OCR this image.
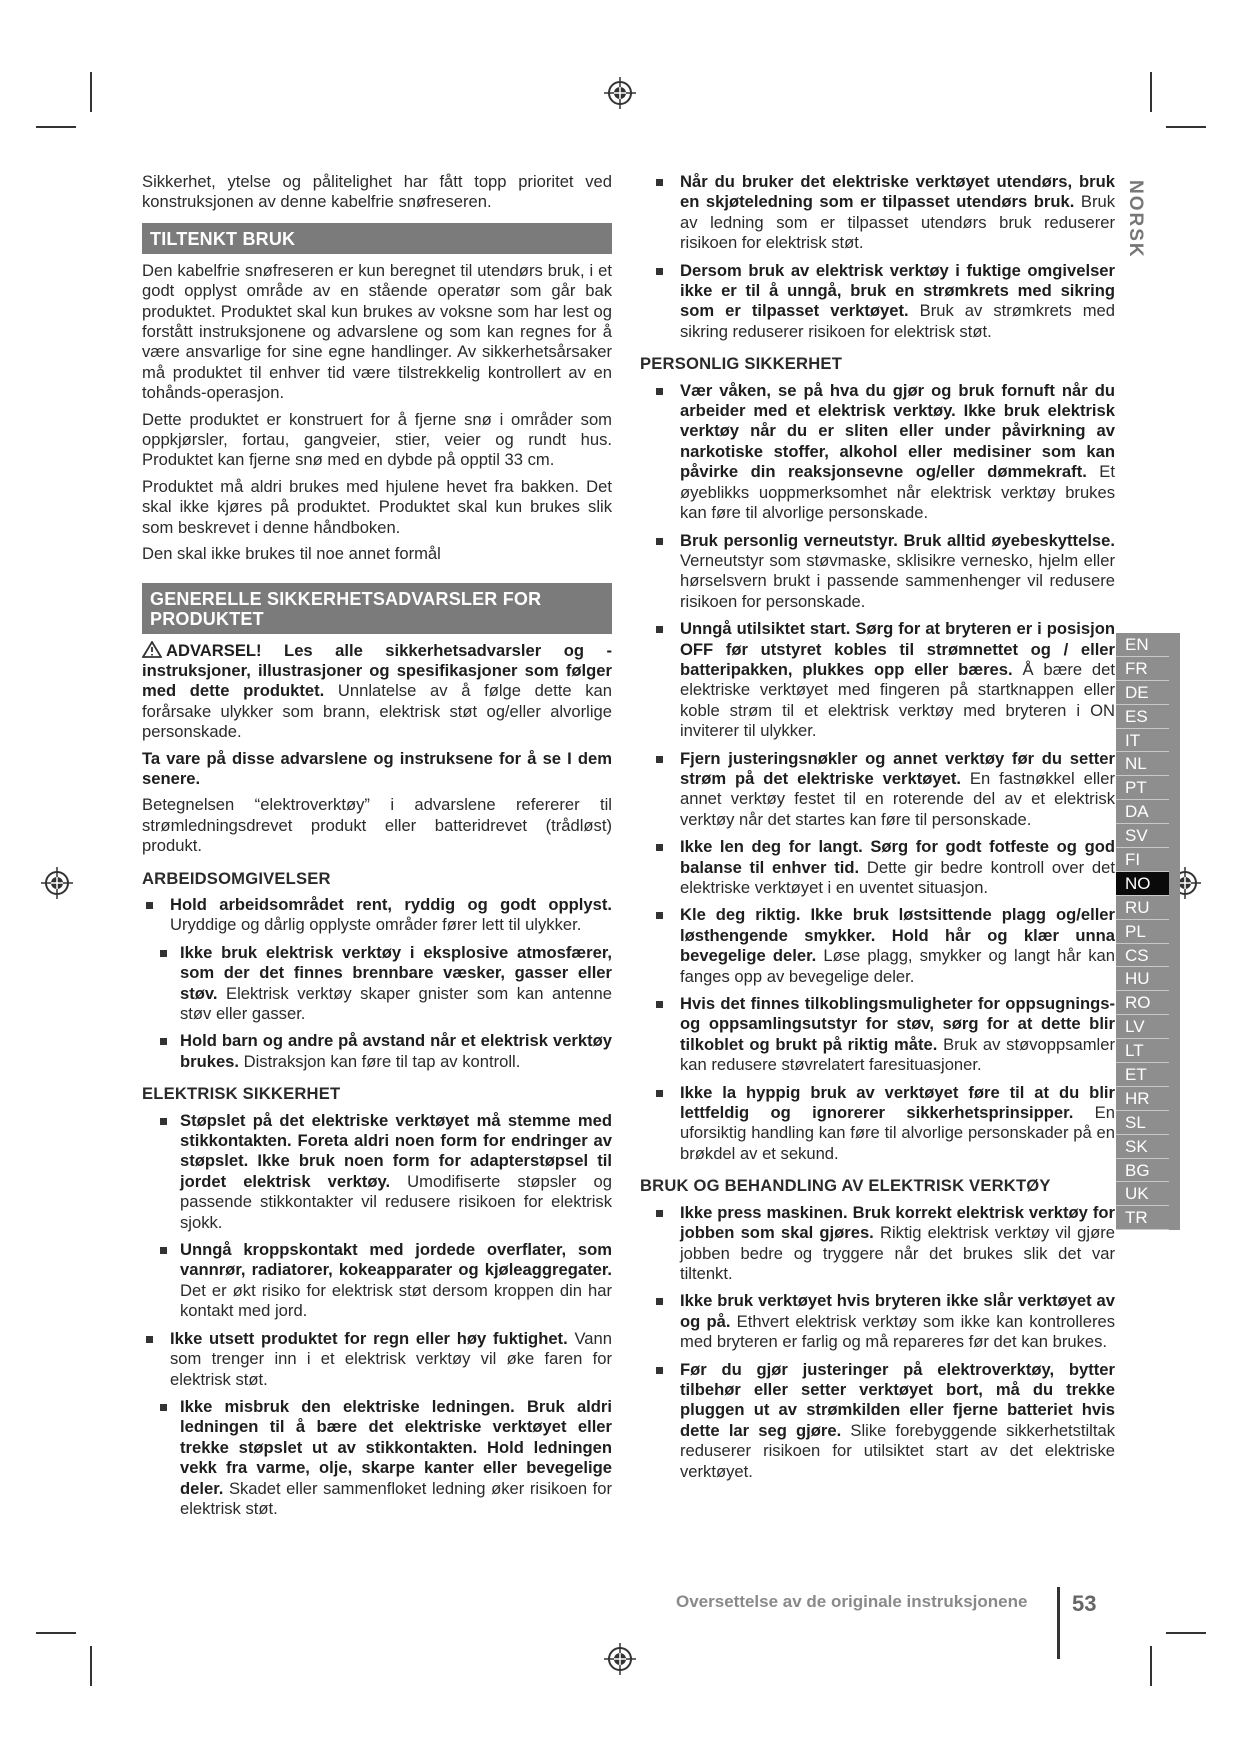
Sikkerhet, ytelse og pålitelighet har fått topp prioritet ved konstruksjonen av denne kabelfrie snøfreseren.

TILTENKT BRUK

Den kabelfrie snøfreseren er kun beregnet til utendørs bruk, i et godt opplyst område av en stående operatør som går bak produktet. Produktet skal kun brukes av voksne som har lest og forstått instruksjonene og advarslene og som kan regnes for å være ansvarlige for sine egne handlinger. Av sikkerhetsårsaker må produktet til enhver tid være tilstrekkelig kontrollert av en tohånds-operasjon.

Dette produktet er konstruert for å fjerne snø i områder som oppkjørsler, fortau, gangveier, stier, veier og rundt hus. Produktet kan fjerne snø med en dybde på opptil 33 cm.

Produktet må aldri brukes med hjulene hevet fra bakken. Det skal ikke kjøres på produktet. Produktet skal kun brukes slik som beskrevet i denne håndboken.

Den skal ikke brukes til noe annet formål

GENERELLE SIKKERHETSADVARSLER FOR PRODUKTET

ADVARSEL! Les alle sikkerhetsadvarsler og -instruksjoner, illustrasjoner og spesifikasjoner som følger med dette produktet. Unnlatelse av å følge dette kan forårsake ulykker som brann, elektrisk støt og/eller alvorlige personskade.

Ta vare på disse advarslene og instruksene for å se I dem senere.

Betegnelsen “elektroverktøy” i advarslene refererer til strømledningsdrevet produkt eller batteridrevet (trådløst) produkt.

ARBEIDSOMGIVELSER
Hold arbeidsområdet rent, ryddig og godt opplyst. Uryddige og dårlig opplyste områder fører lett til ulykker.
Ikke bruk elektrisk verktøy i eksplosive atmosfærer, som der det finnes brennbare væsker, gasser eller støv. Elektrisk verktøy skaper gnister som kan antenne støv eller gasser.
Hold barn og andre på avstand når et elektrisk verktøy brukes. Distraksjon kan føre til tap av kontroll.
ELEKTRISK SIKKERHET
Støpslet på det elektriske verktøyet må stemme med stikkontakten. Foreta aldri noen form for endringer av støpslet. Ikke bruk noen form for adapterstøpsel til jordet elektrisk verktøy. Umodifiserte støpsler og passende stikkontakter vil redusere risikoen for elektrisk sjokk.
Unngå kroppskontakt med jordede overflater, som vannrør, radiatorer, kokeapparater og kjøleaggregater. Det er økt risiko for elektrisk støt dersom kroppen din har kontakt med jord.
Ikke utsett produktet for regn eller høy fuktighet. Vann som trenger inn i et elektrisk verktøy vil øke faren for elektrisk støt.
Ikke misbruk den elektriske ledningen. Bruk aldri ledningen til å bære det elektriske verktøyet eller trekke støpslet ut av stikkontakten. Hold ledningen vekk fra varme, olje, skarpe kanter eller bevegelige deler. Skadet eller sammenfloket ledning øker risikoen for elektrisk støt.
Når du bruker det elektriske verktøyet utendørs, bruk en skjøteledning som er tilpasset utendørs bruk. Bruk av ledning som er tilpasset utendørs bruk reduserer risikoen for elektrisk støt.
Dersom bruk av elektrisk verktøy i fuktige omgivelser ikke er til å unngå, bruk en strømkrets med sikring som er tilpasset verktøyet. Bruk av strømkrets med sikring reduserer risikoen for elektrisk støt.
PERSONLIG SIKKERHET
Vær våken, se på hva du gjør og bruk fornuft når du arbeider med et elektrisk verktøy. Ikke bruk elektrisk verktøy når du er sliten eller under påvirkning av narkotiske stoffer, alkohol eller medisiner som kan påvirke din reaksjonsevne og/eller dømmekraft. Et øyeblikks uoppmerksomhet når elektrisk verktøy brukes kan føre til alvorlige personskade.
Bruk personlig verneutstyr. Bruk alltid øyebeskyttelse. Verneutstyr som støvmaske, sklisikre vernesko, hjelm eller hørselsvern brukt i passende sammenhenger vil redusere risikoen for personskade.
Unngå utilsiktet start. Sørg for at bryteren er i posisjon OFF før utstyret kobles til strømnettet og / eller batteripakken, plukkes opp eller bæres. Å bære det elektriske verktøyet med fingeren på startknappen eller koble strøm til et elektrisk verktøy med bryteren i ON inviterer til ulykker.
Fjern justeringsnøkler og annet verktøy før du setter strøm på det elektriske verktøyet. En fastnøkkel eller annet verktøy festet til en roterende del av et elektrisk verktøy når det startes kan føre til personskade.
Ikke len deg for langt. Sørg for godt fotfeste og god balanse til enhver tid. Dette gir bedre kontroll over det elektriske verktøyet i en uventet situasjon.
Kle deg riktig. Ikke bruk løstsittende plagg og/eller løsthengende smykker. Hold hår og klær unna bevegelige deler. Løse plagg, smykker og langt hår kan fanges opp av bevegelige deler.
Hvis det finnes tilkoblingsmuligheter for oppsugnings- og oppsamlingsutstyr for støv, sørg for at dette blir tilkoblet og brukt på riktig måte. Bruk av støvoppsamler kan redusere støvrelatert faresituasjoner.
Ikke la hyppig bruk av verktøyet føre til at du blir lettfeldig og ignorerer sikkerhetsprinsipper. En uforsiktig handling kan føre til alvorlige personskader på en brøkdel av et sekund.
BRUK OG BEHANDLING AV ELEKTRISK VERKTØY
Ikke press maskinen. Bruk korrekt elektrisk verktøy for jobben som skal gjøres. Riktig elektrisk verktøy vil gjøre jobben bedre og tryggere når det brukes slik det var tiltenkt.
Ikke bruk verktøyet hvis bryteren ikke slår verktøyet av og på. Ethvert elektrisk verktøy som ikke kan kontrolleres med bryteren er farlig og må repareres før det kan brukes.
Før du gjør justeringer på elektroverktøy, bytter tilbehør eller setter verktøyet bort, må du trekke pluggen ut av strømkilden eller fjerne batteriet hvis dette lar seg gjøre. Slike forebyggende sikkerhetstiltak reduserer risikoen for utilsiktet start av det elektriske verktøyet.
NORSK
EN
FR
DE
ES
IT
NL
PT
DA
SV
FI
NO
RU
PL
CS
HU
RO
LV
LT
ET
HR
SL
SK
BG
UK
TR
Oversettelse av de originale instruksjonene 53
